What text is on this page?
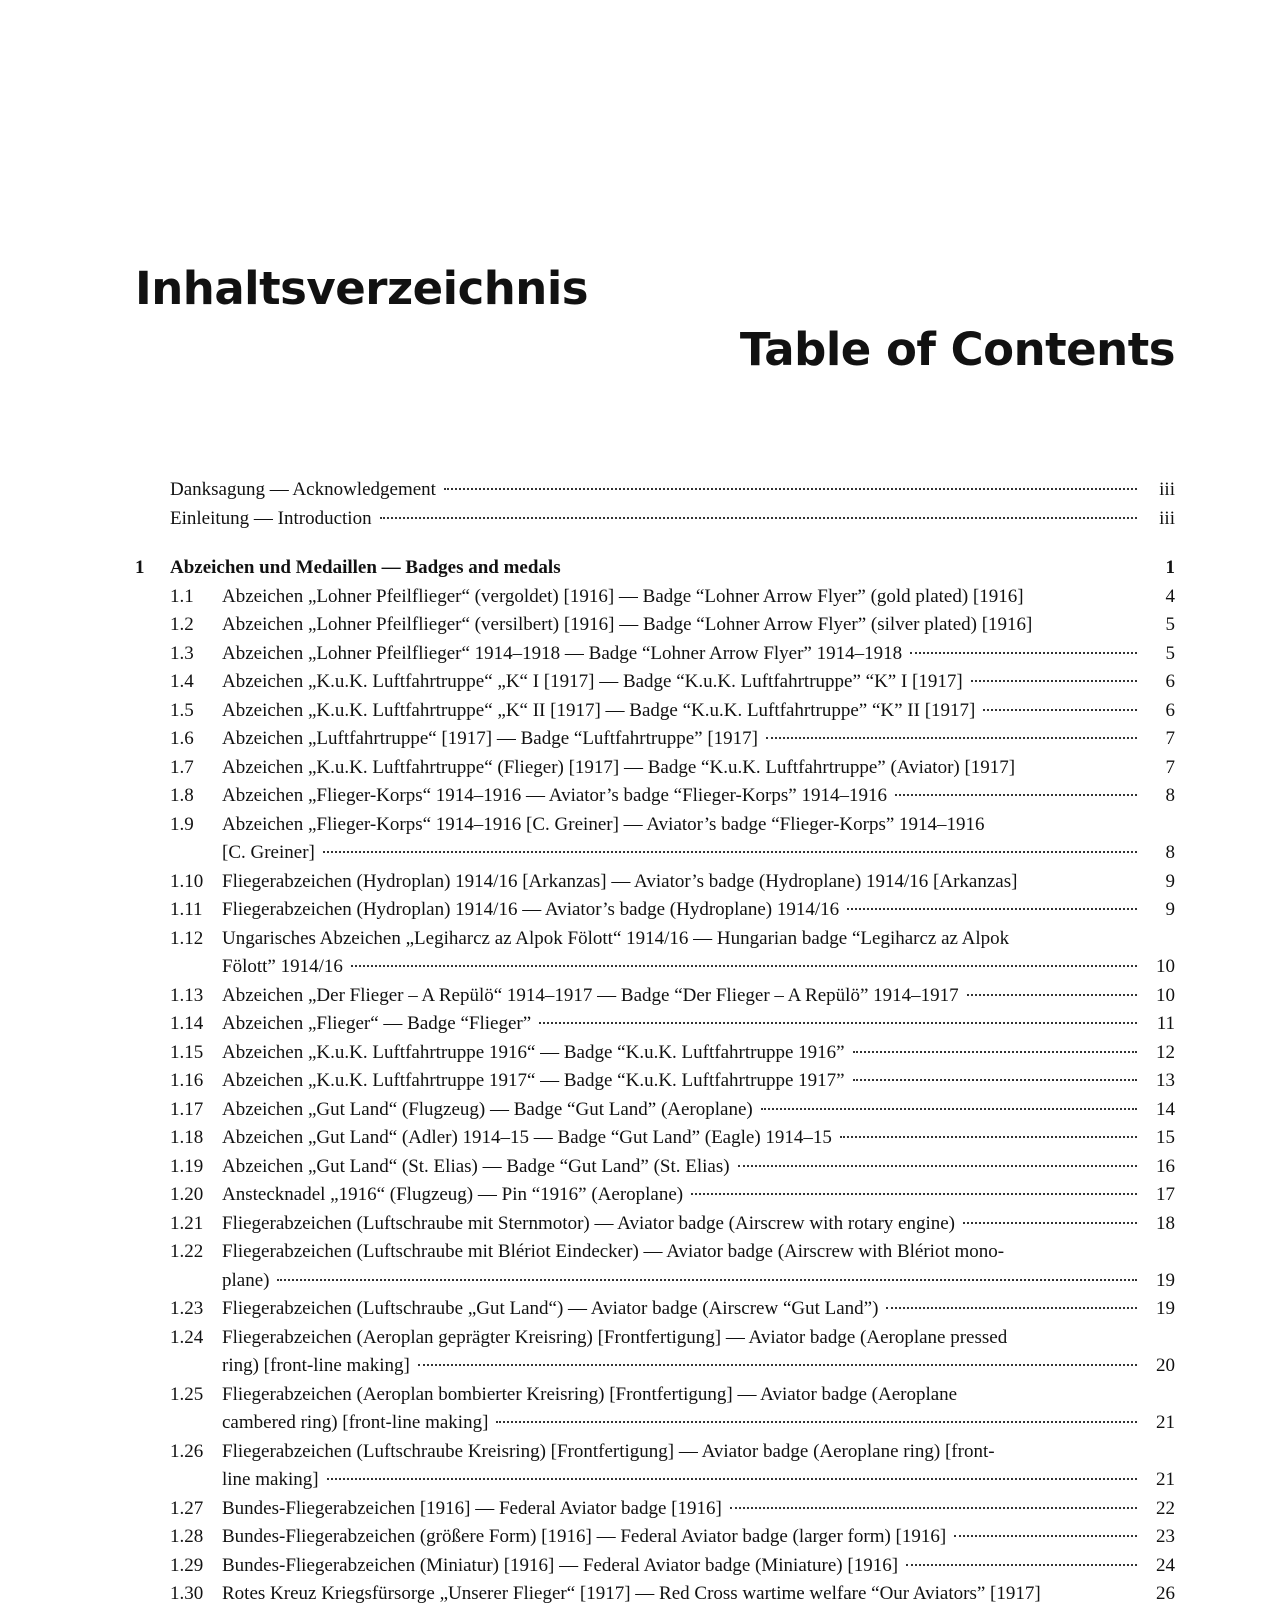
Inhaltsverzeichnis
Table of Contents
Danksagung — Acknowledgement	iii
Einleitung — Introduction	iii
1	Abzeichen und Medaillen — Badges and medals	1
1.1	Abzeichen „Lohner Pfeilflieger“ (vergoldet) [1916] — Badge “Lohner Arrow Flyer” (gold plated) [1916]	4
1.2	Abzeichen „Lohner Pfeilflieger“ (versilbert) [1916] — Badge “Lohner Arrow Flyer” (silver plated) [1916]	5
1.3	Abzeichen „Lohner Pfeilflieger“ 1914–1918 — Badge “Lohner Arrow Flyer” 1914–1918	5
1.4	Abzeichen „K.u.K. Luftfahrtruppe“ „K“ I [1917] — Badge “K.u.K. Luftfahrtruppe” “K” I [1917]	6
1.5	Abzeichen „K.u.K. Luftfahrtruppe“ „K“ II [1917] — Badge “K.u.K. Luftfahrtruppe” “K” II [1917]	6
1.6	Abzeichen „Luftfahrtruppe“ [1917] — Badge “Luftfahrtruppe” [1917]	7
1.7	Abzeichen „K.u.K. Luftfahrtruppe“ (Flieger) [1917] — Badge “K.u.K. Luftfahrtruppe” (Aviator) [1917]	7
1.8	Abzeichen „Flieger-Korps“ 1914–1916 — Aviator’s badge “Flieger-Korps” 1914–1916	8
1.9	Abzeichen „Flieger-Korps“ 1914–1916 [C. Greiner] — Aviator’s badge “Flieger-Korps” 1914–1916
[C. Greiner]	8
1.10 Fliegerabzeichen (Hydroplan) 1914/16 [Arkanzas] — Aviator’s badge (Hydroplane) 1914/16 [Arkanzas]	9
1.11	Fliegerabzeichen (Hydroplan) 1914/16 — Aviator’s badge (Hydroplane) 1914/16	9
1.12 Ungarisches Abzeichen „Legiharcz az Alpok Fölott“ 1914/16 — Hungarian badge “Legiharcz az Alpok
Fölott” 1914/16	10
1.13 Abzeichen „Der Flieger – A Repülö“ 1914–1917 — Badge “Der Flieger – A Repülö” 1914–1917	10
1.14 Abzeichen „Flieger“ — Badge “Flieger”	11
1.15 Abzeichen „K.u.K. Luftfahrtruppe 1916“ — Badge “K.u.K. Luftfahrtruppe 1916”	12
1.16 Abzeichen „K.u.K. Luftfahrtruppe 1917“ — Badge “K.u.K. Luftfahrtruppe 1917”	13
1.17 Abzeichen „Gut Land“ (Flugzeug) — Badge “Gut Land” (Aeroplane)	14
1.18 Abzeichen „Gut Land“ (Adler) 1914–15 — Badge “Gut Land” (Eagle) 1914–15	15
1.19 Abzeichen „Gut Land“ (St. Elias) — Badge “Gut Land” (St. Elias)	16
1.20 Anstecknadel „1916“ (Flugzeug) — Pin “1916” (Aeroplane)	17
1.21 Fliegerabzeichen (Luftschraube mit Sternmotor) — Aviator badge (Airscrew with rotary engine)	18
1.22 Fliegerabzeichen (Luftschraube mit Blériot Eindecker) — Aviator badge (Airscrew with Blériot mono-
plane)	19
1.23 Fliegerabzeichen (Luftschraube „Gut Land“) — Aviator badge (Airscrew “Gut Land”)	19
1.24 Fliegerabzeichen (Aeroplan geprägter Kreisring) [Frontfertigung] — Aviator badge (Aeroplane pressed
ring) [front-line making]	20
1.25 Fliegerabzeichen (Aeroplan bombierter Kreisring) [Frontfertigung] — Aviator badge (Aeroplane
cambered ring) [front-line making]	21
1.26 Fliegerabzeichen (Luftschraube Kreisring) [Frontfertigung] — Aviator badge (Aeroplane ring) [front-
line making]	21
1.27 Bundes-Fliegerabzeichen [1916] — Federal Aviator badge [1916]	22
1.28 Bundes-Fliegerabzeichen (größere Form) [1916] — Federal Aviator badge (larger form) [1916]	23
1.29 Bundes-Fliegerabzeichen (Miniatur) [1916] — Federal Aviator badge (Miniature) [1916]	24
1.30 Rotes Kreuz Kriegsfürsorge „Unserer Flieger“ [1917] — Red Cross wartime welfare “Our Aviators” [1917]	26
